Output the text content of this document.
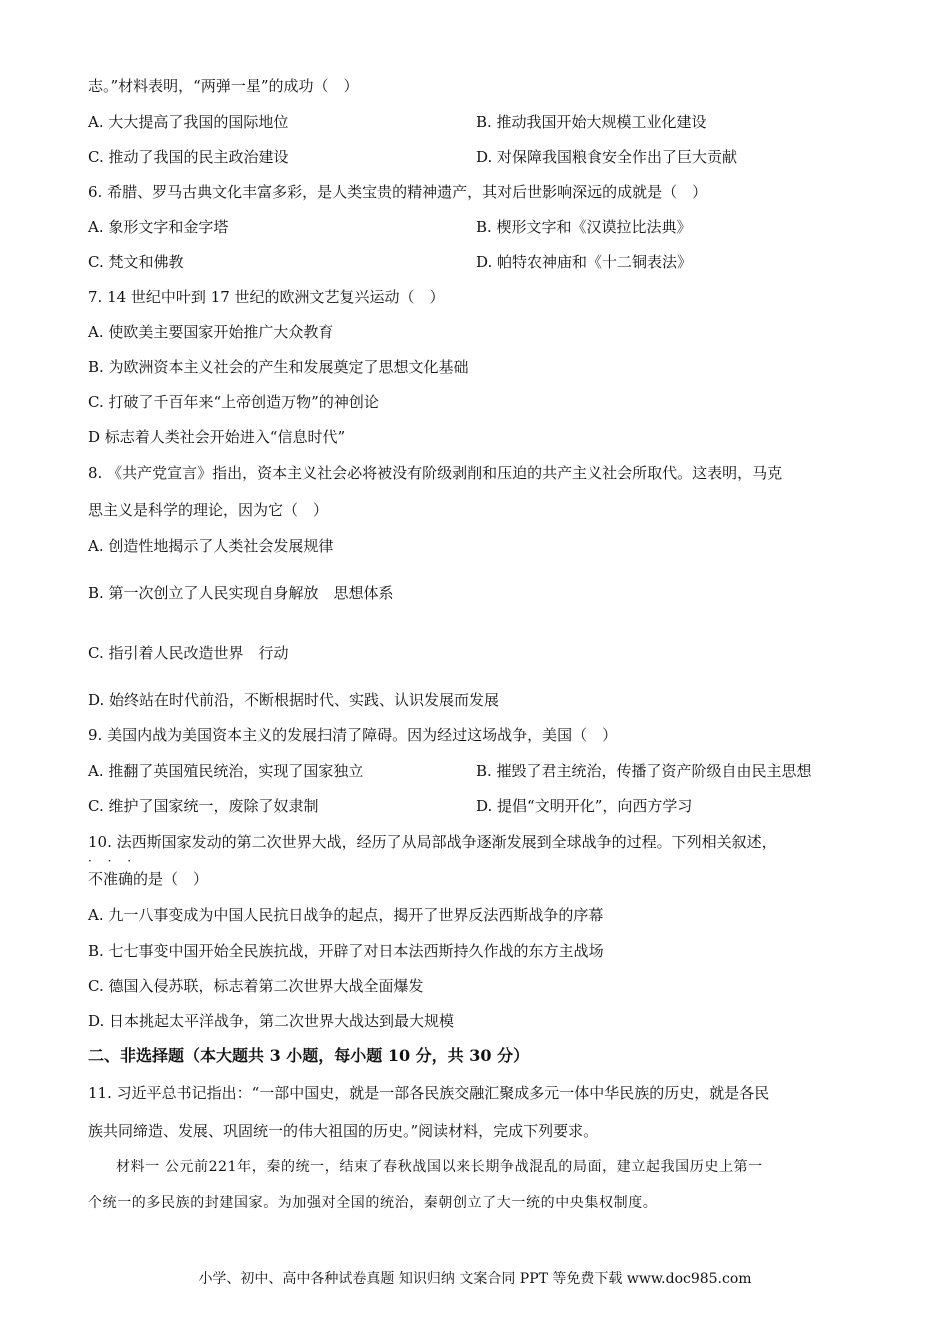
志。”材料表明，“两弹一星”的成功（　）
A. 大大提高了我国的国际地位	B. 推动我国开始大规模工业化建设
C. 推动了我国的民主政治建设	D. 对保障我国粮食安全作出了巨大贡献
6. 希腊、罗马古典文化丰富多彩，是人类宝贵的精神遗产，其对后世影响深远的成就是（　）
A. 象形文字和金字塔	B. 楔形文字和《汉谟拉比法典》
C. 梵文和佛教	D. 帕特农神庙和《十二铜表法》
7. 14 世纪中叶到 17 世纪的欧洲文艺复兴运动（　）
A. 使欧美主要国家开始推广大众教育
B. 为欧洲资本主义社会的产生和发展奠定了思想文化基础
C. 打破了千百年来“上帝创造万物”的神创论
D 标志着人类社会开始进入“信息时代”
8. 《共产党宣言》指出，资本主义社会必将被没有阶级剥削和压迫的共产主义社会所取代。这表明，马克
思主义是科学的理论，因为它（　）
A. 创造性地揭示了人类社会发展规律
B. 第一次创立了人民实现自身解放　思想体系
C. 指引着人民改造世界　行动
D. 始终站在时代前沿，不断根据时代、实践、认识发展而发展
9. 美国内战为美国资本主义的发展扫清了障碍。因为经过这场战争，美国（　）
A. 推翻了英国殖民统治，实现了国家独立	B. 摧毁了君主统治，传播了资产阶级自由民主思想
C. 维护了国家统一，废除了奴隶制	D. 提倡“文明开化”，向西方学习
10. 法西斯国家发动的第二次世界大战，经历了从局部战争逐渐发展到全球战争的过程。下列相关叙述，
· · ·
不准确的是（　）
A. 九一八事变成为中国人民抗日战争的起点，揭开了世界反法西斯战争的序幕
B. 七七事变中国开始全民族抗战，开辟了对日本法西斯持久作战的东方主战场
C. 德国入侵苏联，标志着第二次世界大战全面爆发
D. 日本挑起太平洋战争，第二次世界大战达到最大规模
二、非选择题（本大题共 3 小题，每小题 10 分，共 30 分）
11. 习近平总书记指出：“一部中国史，就是一部各民族交融汇聚成多元一体中华民族的历史，就是各民
族共同缔造、发展、巩固统一的伟大祖国的历史。”阅读材料，完成下列要求。
材料一 公元前221年，秦的统一，结束了春秋战国以来长期争战混乱的局面，建立起我国历史上第一
个统一的多民族的封建国家。为加强对全国的统治，秦朝创立了大一统的中央集权制度。
小学、初中、高中各种试卷真题 知识归纳 文案合同 PPT 等免费下载 www.doc985.com
